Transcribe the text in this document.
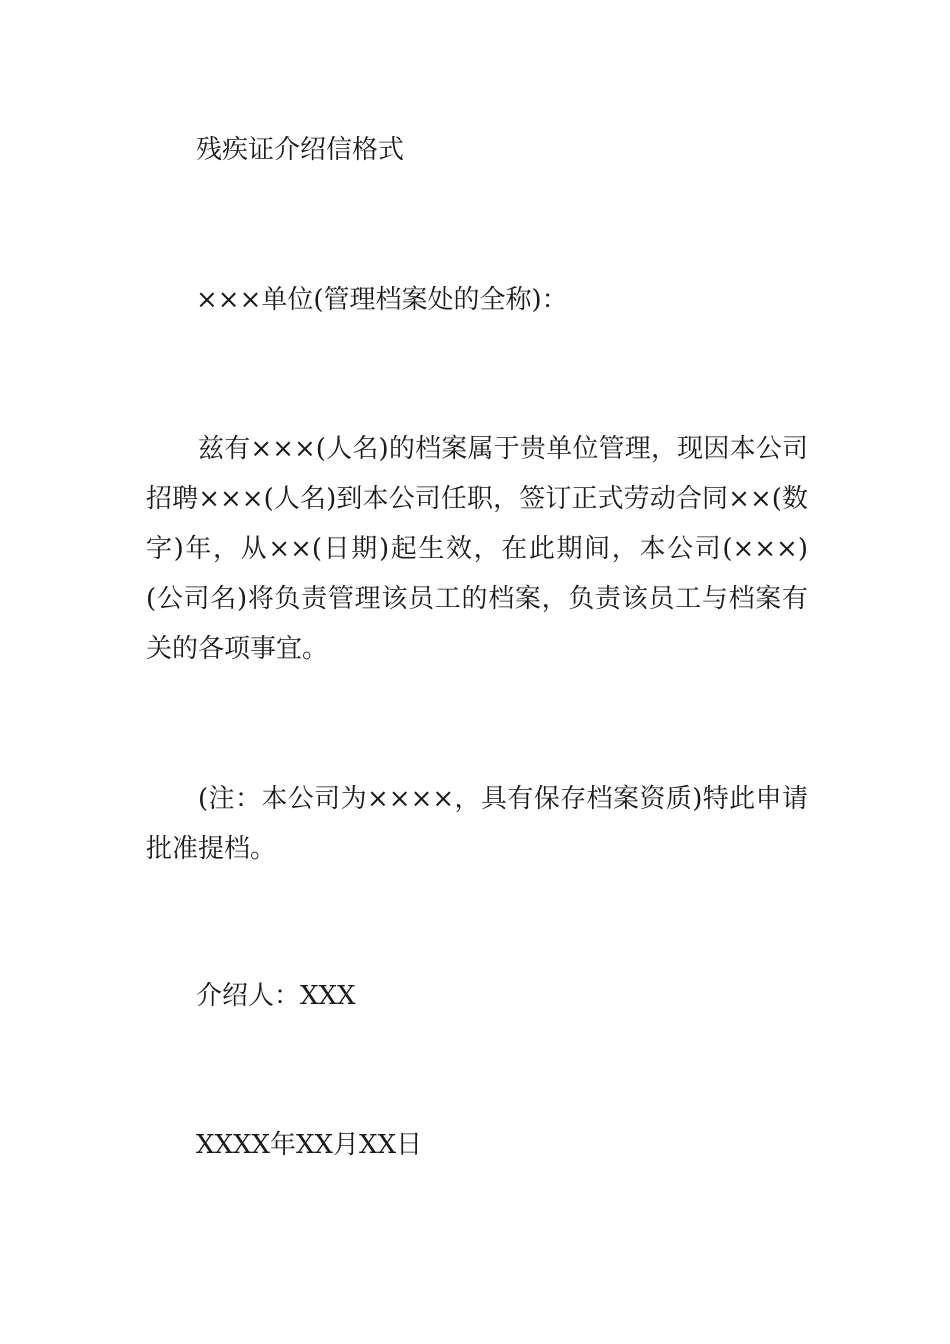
残疾证介绍信格式

×××单位(管理档案处的全称)：

兹有×××(人名)的档案属于贵单位管理，现因本公司招聘×××(人名)到本公司任职，签订正式劳动合同××(数字)年，从××(日期)起生效，在此期间，本公司(×××)(公司名)将负责管理该员工的档案，负责该员工与档案有关的各项事宜。

(注：本公司为××××，具有保存档案资质)特此申请批准提档。

介绍人：XXX

XXXX年XX月XX日
